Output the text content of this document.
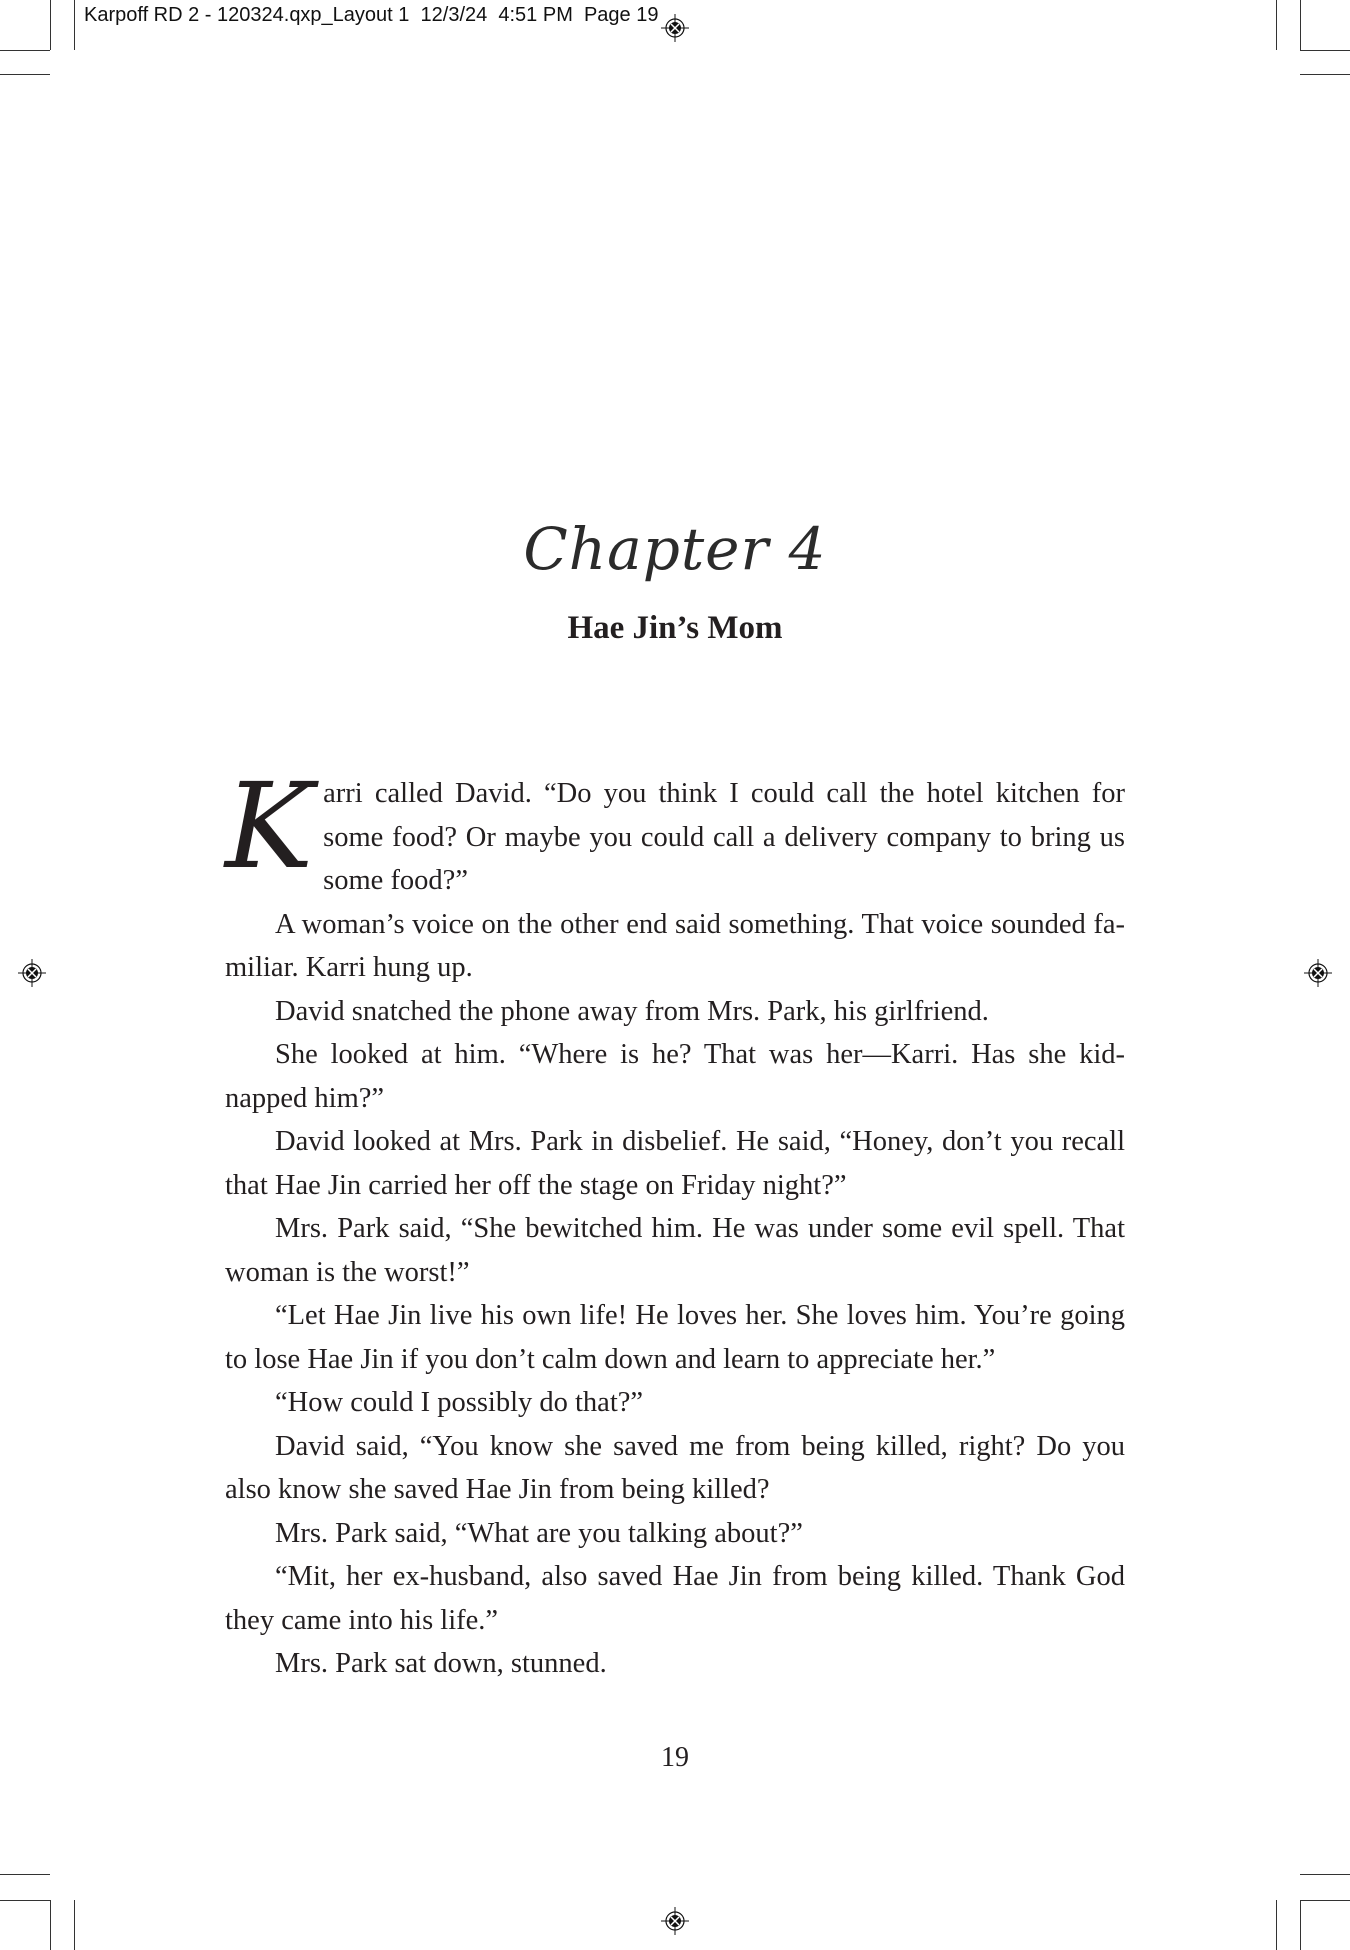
Karpoff RD 2 - 120324.qxp_Layout 1  12/3/24  4:51 PM  Page 19
Chapter 4
Hae Jin’s Mom

Karri called David. “Do you think I could call the hotel kitchen for some food? Or maybe you could call a delivery company to bring us some food?”

A woman’s voice on the other end said something. That voice sounded familiar. Karri hung up.

David snatched the phone away from Mrs. Park, his girlfriend.

She looked at him. “Where is he? That was her—Karri. Has she kidnapped him?”

David looked at Mrs. Park in disbelief. He said, “Honey, don’t you recall that Hae Jin carried her off the stage on Friday night?”

Mrs. Park said, “She bewitched him. He was under some evil spell. That woman is the worst!”

“Let Hae Jin live his own life! He loves her. She loves him. You’re going to lose Hae Jin if you don’t calm down and learn to appreciate her.”

“How could I possibly do that?”

David said, “You know she saved me from being killed, right? Do you also know she saved Hae Jin from being killed?

Mrs. Park said, “What are you talking about?”

“Mit, her ex-husband, also saved Hae Jin from being killed. Thank God they came into his life.”

Mrs. Park sat down, stunned.

19
